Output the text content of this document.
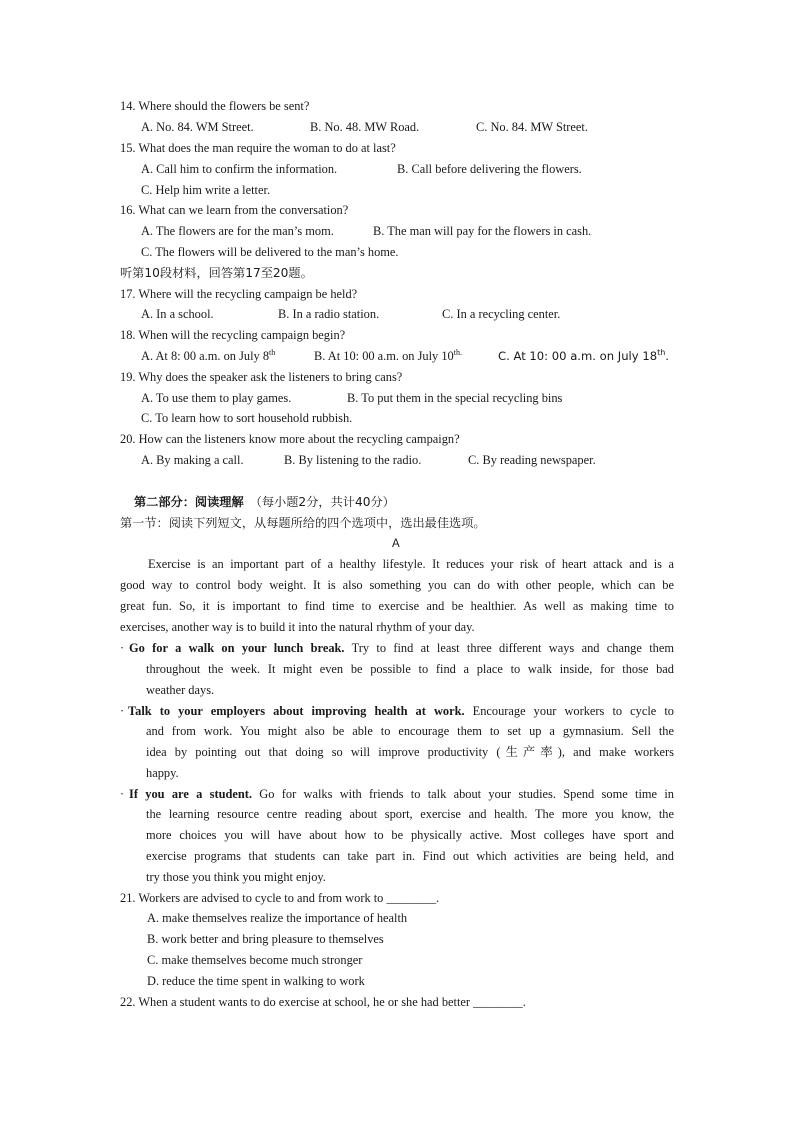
14. Where should the flowers be sent?
A. No. 84. WM Street.	B. No. 48. MW Road.	C. No. 84. MW Street.
15. What does the man require the woman to do at last?
A. Call him to confirm the information.	B. Call before delivering the flowers.
C. Help him write a letter.
16. What can we learn from the conversation?
A. The flowers are for the man’s mom.	B. The man will pay for the flowers in cash.
C. The flowers will be delivered to the man’s home.
听第10段材料，回答第17至20题。
17. Where will the recycling campaign be held?
A. In a school.	B. In a radio station.	C. In a recycling center.
18. When will the recycling campaign begin?
A. At 8: 00 a.m. on July 8th	B. At 10: 00 a.m. on July $10^{th.}$	C. At 10: 00 a.m. on July 18th.
19. Why does the speaker ask the listeners to bring cans?
A. To use them to play games.	B. To put them in the special recycling bins
C. To learn how to sort household rubbish.
20. How can the listeners know more about the recycling campaign?
A. By making a call.	B. By listening to the radio.	C. By reading newspaper.
第二部分：阅读理解 （每小题2分，共计40分）
第一节：阅读下列短文，从每题所给的四个选项中，选出最佳选项。
A
Exercise is an important part of a healthy lifestyle. It reduces your risk of heart attack and is a
good way to control body weight. It is also something you can do with other people, which can be
great fun. So, it is important to find time to exercise and be healthier. As well as making time to
exercises, another way is to build it into the natural rhythm of your day.
· Go for a walk on your lunch break. Try to find at least three different ways and change them
throughout the week. It might even be possible to find a place to walk inside, for those bad
weather days.
· Talk to your employers about improving health at work. Encourage your workers to cycle to
and from work. You might also be able to encourage them to set up a gymnasium. Sell the
idea by pointing out that doing so will improve productivity (生产率), and make workers
happy.
· If you are a student. Go for walks with friends to talk about your studies. Spend some time in
the learning resource centre reading about sport, exercise and health. The more you know, the
more choices you will have about how to be physically active. Most colleges have sport and
exercise programs that students can take part in. Find out which activities are being held, and
try those you think you might enjoy.
21. Workers are advised to cycle to and from work to ________.
A. make themselves realize the importance of health
B. work better and bring pleasure to themselves
C. make themselves become much stronger
D. reduce the time spent in walking to work
22. When a student wants to do exercise at school, he or she had better ________.
